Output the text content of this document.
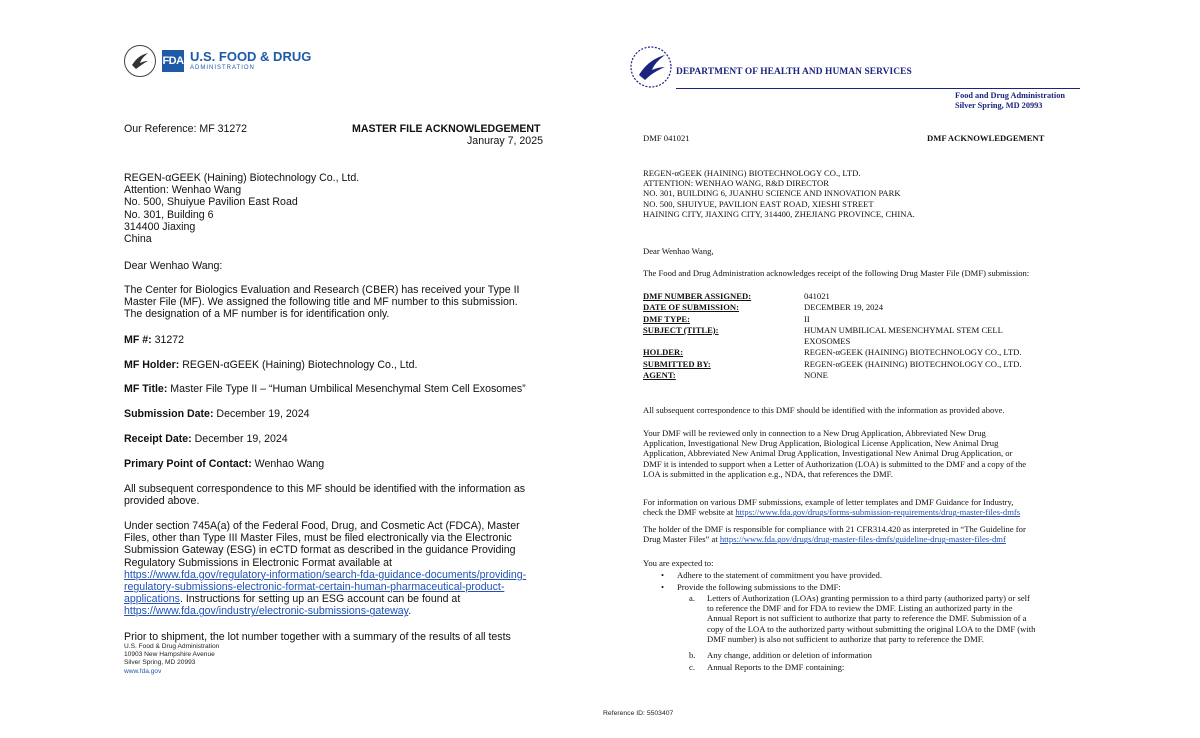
FDA U.S. FOOD & DRUG
ADMINISTRATION
Our Reference: MF 31272	MASTER FILE ACKNOWLEDGEMENT
Januray 7, 2025
REGEN-αGEEK (Haining) Biotechnology Co., Ltd.
Attention: Wenhao Wang
No. 500, Shuiyue Pavilion East Road
No. 301, Building 6
314400 Jiaxing
China
Dear Wenhao Wang:
The Center for Biologics Evaluation and Research (CBER) has received your Type II
Master File (MF). We assigned the following title and MF number to this submission.
The designation of a MF number is for identification only.
MF #: 31272
MF Holder: REGEN-αGEEK (Haining) Biotechnology Co., Ltd.
MF Title: Master File Type II – “Human Umbilical Mesenchymal Stem Cell Exosomes”
Submission Date: December 19, 2024
Receipt Date: December 19, 2024
Primary Point of Contact: Wenhao Wang
All subsequent correspondence to this MF should be identified with the information as
provided above.
Under section 745A(a) of the Federal Food, Drug, and Cosmetic Act (FDCA), Master
Files, other than Type III Master Files, must be filed electronically via the Electronic
Submission Gateway (ESG) in eCTD format as described in the guidance Providing
Regulatory Submissions in Electronic Format available at
https://www.fda.gov/regulatory-information/search-fda-guidance-documents/providing-
regulatory-submissions-electronic-format-certain-human-pharmaceutical-product-
applications. Instructions for setting up an ESG account can be found at
https://www.fda.gov/industry/electronic-submissions-gateway.
Prior to shipment, the lot number together with a summary of the results of all tests
U.S. Food & Drug Administration
10903 New Hampshire Avenue
Silver Spring, MD 20993
www.fda.gov
DEPARTMENT OF HEALTH AND HUMAN SERVICES
Food and Drug Administration
Silver Spring, MD 20993
DMF 041021	DMF ACKNOWLEDGEMENT
REGEN-αGEEK (HAINING) BIOTECHNOLOGY CO., LTD.
ATTENTION: WENHAO WANG, R&D DIRECTOR
NO. 301, BUILDING 6, JUANHU SCIENCE AND INNOVATION PARK
NO. 500, SHUIYUE, PAVILION EAST ROAD, XIESHI STREET
HAINING CITY, JIAXING CITY, 314400, ZHEJIANG PROVINCE, CHINA.
Dear Wenhao Wang,
The Food and Drug Administration acknowledges receipt of the following Drug Master File (DMF) submission:
DMF NUMBER ASSIGNED:	041021
DATE OF SUBMISSION:	DECEMBER 19, 2024
DMF TYPE:	II
SUBJECT (TITLE):	HUMAN UMBILICAL MESENCHYMAL STEM CELL
EXOSOMES
HOLDER:	REGEN-αGEEK (HAINING) BIOTECHNOLOGY CO., LTD.
SUBMITTED BY:	REGEN-αGEEK (HAINING) BIOTECHNOLOGY CO., LTD.
AGENT:	NONE
All subsequent correspondence to this DMF should be identified with the information as provided above.
Your DMF will be reviewed only in connection to a New Drug Application, Abbreviated New Drug
Application, Investigational New Drug Application, Biological License Application, New Animal Drug
Application, Abbreviated New Animal Drug Application, Investigational New Animal Drug Application, or
DMF it is intended to support when a Letter of Authorization (LOA) is submitted to the DMF and a copy of the
LOA is submitted in the application e.g., NDA, that references the DMF.
For information on various DMF submissions, example of letter templates and DMF Guidance for Industry,
check the DMF website at https://www.fda.gov/drugs/forms-submission-requirements/drug-master-files-dmfs
The holder of the DMF is responsible for compliance with 21 CFR314.420 as interpreted in “The Guideline for
Drug Master Files” at https://www.fda.gov/drugs/drug-master-files-dmfs/guideline-drug-master-files-dmf
You are expected to:
• Adhere to the statement of commitment you have provided.
• Provide the following submissions to the DMF:
a. Letters of Authorization (LOAs) granting permission to a third party (authorized party) or self
to reference the DMF and for FDA to review the DMF. Listing an authorized party in the
Annual Report is not sufficient to authorize that party to reference the DMF. Submission of a
copy of the LOA to the authorized party without submitting the original LOA to the DMF (with
DMF number) is also not sufficient to authorize that party to reference the DMF.
b. Any change, addition or deletion of information
c. Annual Reports to the DMF containing:
Reference ID: 5503407
